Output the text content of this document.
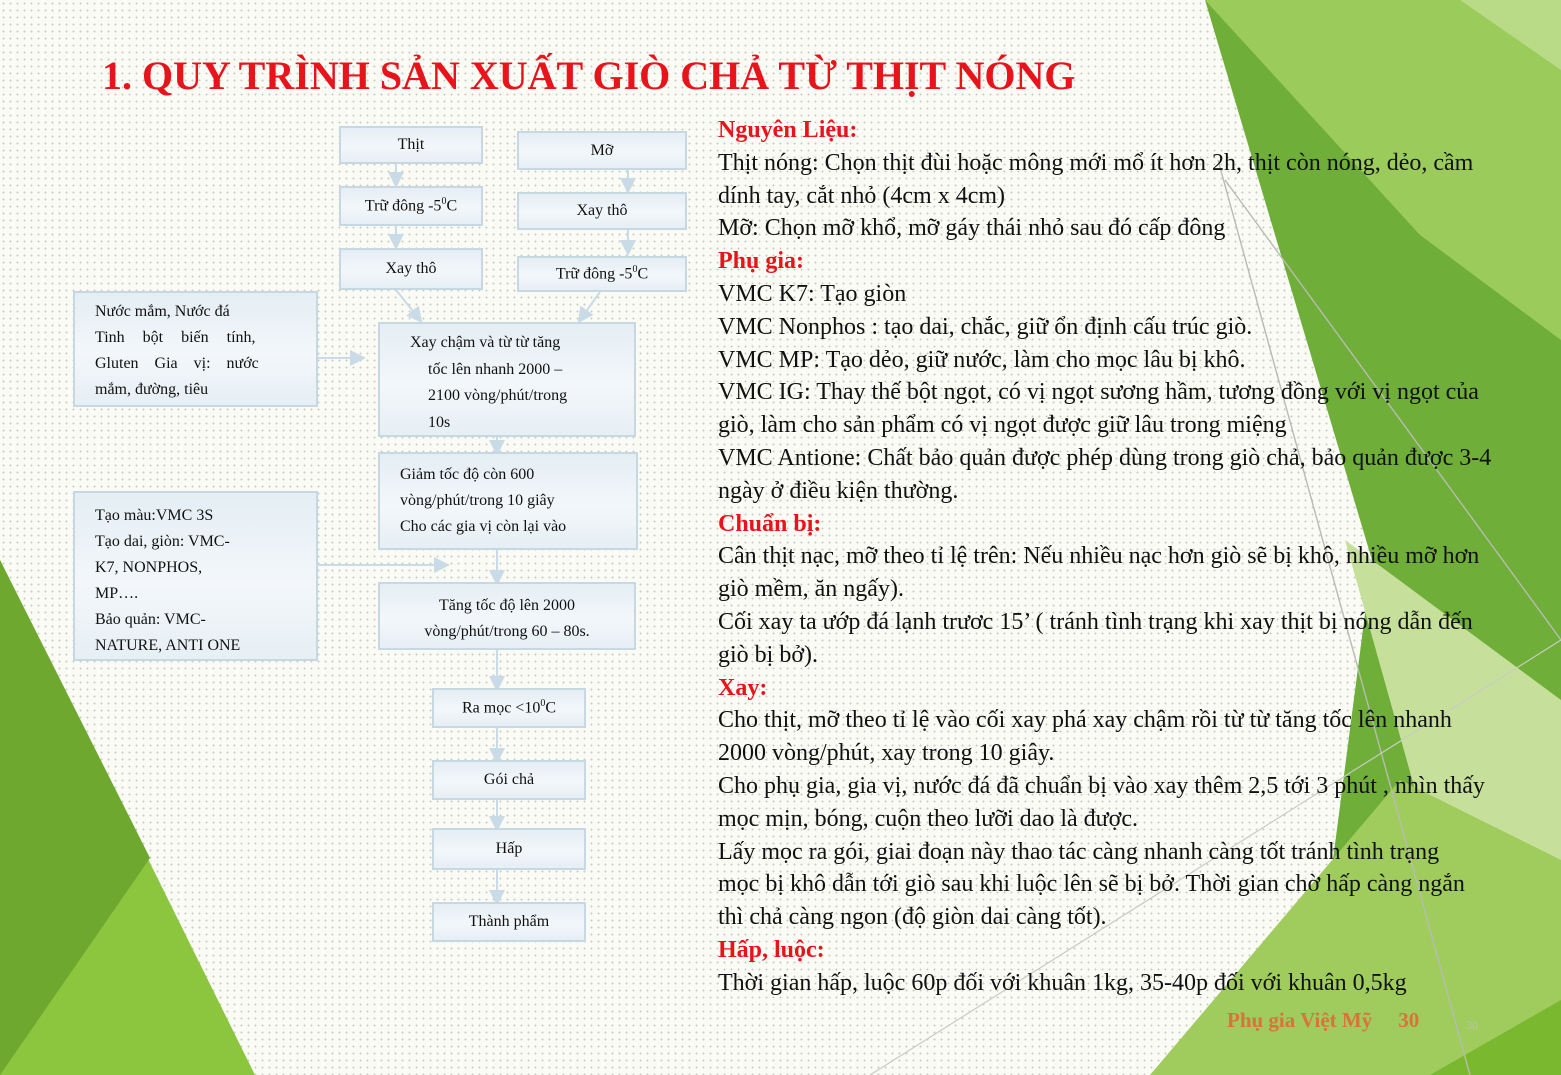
1. QUY TRÌNH SẢN XUẤT GIÒ CHẢ TỪ THỊT NÓNG
Thịt
Trữ đông $-5^0C$
Xay thô
Mỡ
Xay thô
Trữ đông $-5^0C$
Nước mắm, Nước đá
Tinh bột biến tính,
Gluten Gia vị: nước
mắm, đường, tiêu
Xay chậm và từ từ tăng
tốc lên nhanh 2000 –
2100 vòng/phút/trong
10s
Giảm tốc độ còn 600
vòng/phút/trong 10 giây
Cho các gia vị còn lại vào
Tạo màu:VMC 3S
Tạo dai, giòn: VMC-
K7, NONPHOS,
MP….
Bảo quản: VMC-
NATURE, ANTI ONE
Tăng tốc độ lên 2000
vòng/phút/trong 60 – 80s.
Ra mọc $<10^0C$
Gói chả
Hấp
Thành phẩm

Nguyên Liệu:

Thịt nóng: Chọn thịt đùi hoặc mông mới mổ ít hơn 2h, thịt còn nóng, dẻo, cầm dính tay, cắt nhỏ (4cm x 4cm)

Mỡ: Chọn mỡ khổ, mỡ gáy thái nhỏ sau đó cấp đông

Phụ gia:

VMC K7: Tạo giòn

VMC Nonphos : tạo dai, chắc, giữ ổn định cấu trúc giò.

VMC MP: Tạo dẻo, giữ nước, làm cho mọc lâu bị khô.

VMC IG: Thay thế bột ngọt, có vị ngọt sương hầm, tương đồng với vị ngọt của giò, làm cho sản phẩm có vị ngọt được giữ lâu trong miệng

VMC Antione: Chất bảo quản được phép dùng trong giò chả, bảo quản được 3-4 ngày ở điều kiện thường.

Chuẩn bị:

Cân thịt nạc, mỡ theo tỉ lệ trên: Nếu nhiều nạc hơn giò sẽ bị khô, nhiều mỡ hơn giò mềm, ăn ngấy).

Cối xay ta ướp đá lạnh trươc 15’ ( tránh tình trạng khi xay thịt bị nóng dẫn đến giò bị bở).

Xay:

Cho thịt, mỡ theo tỉ lệ vào cối xay phá xay chậm rồi từ từ tăng tốc lên nhanh 2000 vòng/phút, xay trong 10 giây.

Cho phụ gia, gia vị, nước đá đã chuẩn bị vào xay thêm 2,5 tới 3 phút , nhìn thấy mọc mịn, bóng, cuộn theo lưỡi dao là được.

Lấy mọc ra gói, giai đoạn này thao tác càng nhanh càng tốt tránh tình trạng mọc bị khô dẫn tới giò sau khi luộc lên sẽ bị bở. Thời gian chờ hấp càng ngắn thì chả càng ngon (độ giòn dai càng tốt).

Hấp, luộc:

Thời gian hấp, luộc 60p đối với khuân 1kg, 35-40p đối với khuân 0,5kg

Phụ gia Việt Mỹ 30	30
